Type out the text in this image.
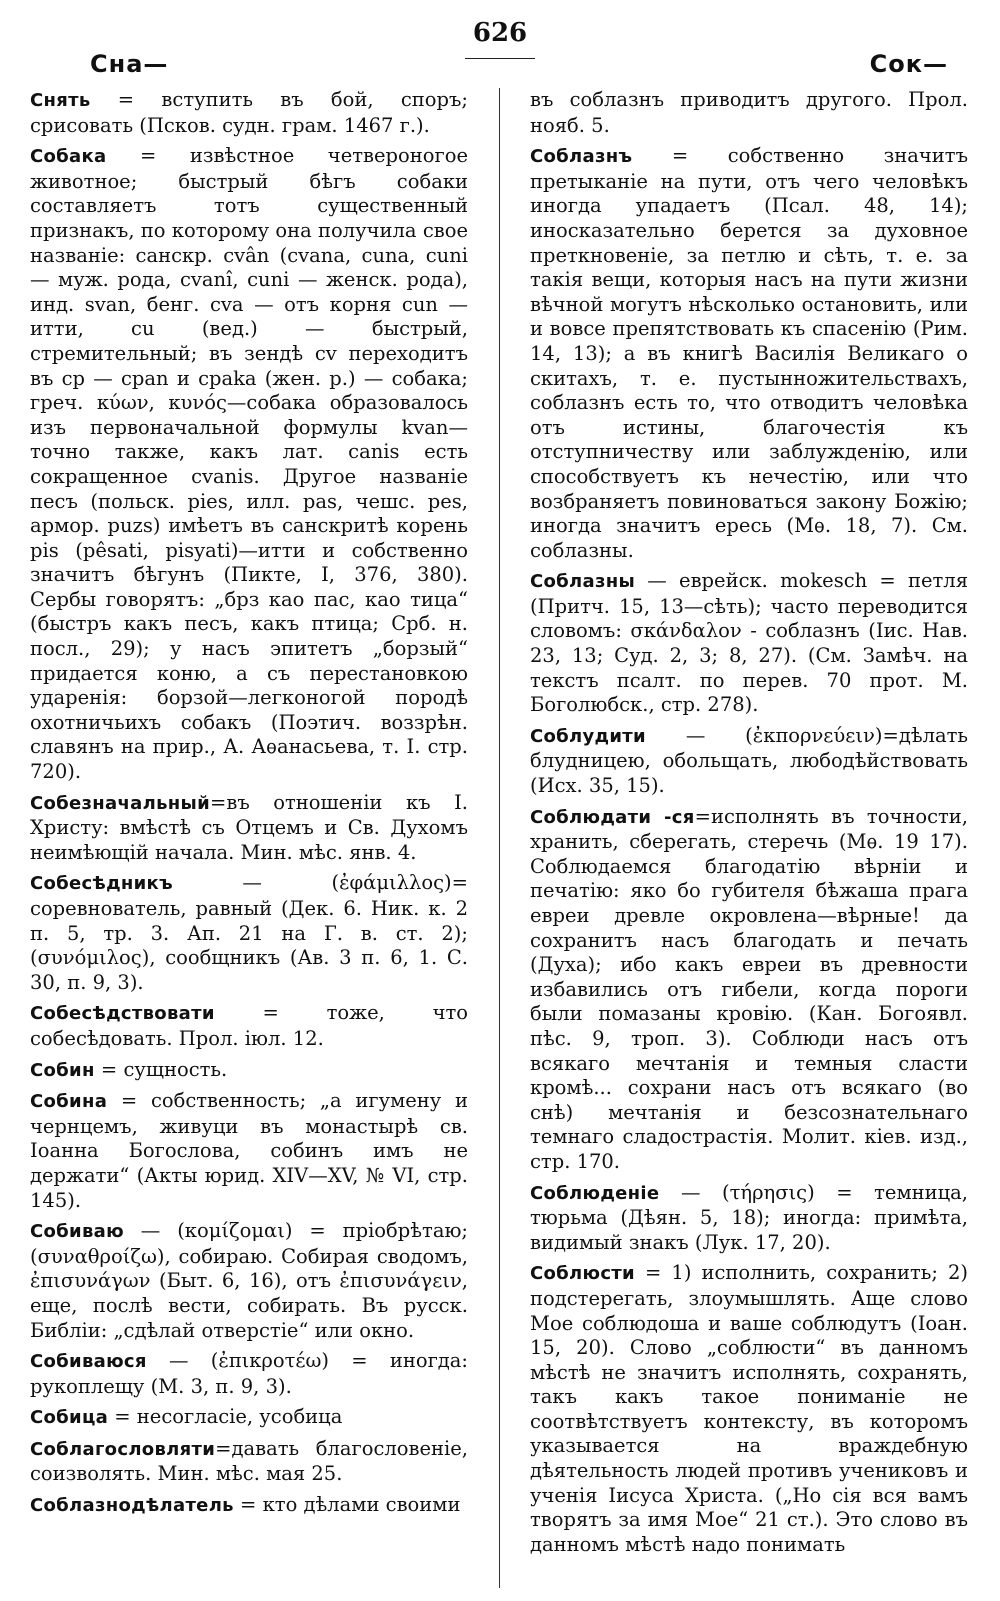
626
Сна—	Сок—

Снять = вступить въ бой, споръ; срисовать (Псков. судн. грам. 1467 г.).

Собака = извѣстное четвероногое животное; быстрый бѣгъ собаки составляетъ тотъ существенный признакъ, по которому она получила свое названіе: санскр. cvân (cvana, cuna, cuni — муж. рода, cvanî, cuni — женск. рода), инд. svan, бенг. cva — отъ корня cun — итти, cu (вед.) — быстрый, стремительный; въ зендѣ cv переходитъ въ cp — cpan и cpaka (жен. р.) — собака; греч. κύων, κυνός—собака образовалось изъ первоначальной формулы kvan—точно также, какъ лат. canis есть сокращенное cvanis. Другое названіе песъ (польск. pies, илл. pas, чешс. pes, армор. puzs) имѣетъ въ санскритѣ корень pis (pêsati, pisyati)—итти и собственно значитъ бѣгунъ (Пикте, I, 376, 380). Сербы говорятъ: „брз као пас, као тица“ (быстръ какъ песъ, какъ птица; Срб. н. посл., 29); у насъ эпитетъ „борзый“ придается коню, а съ перестановкою ударенія: борзой—легконогой породѣ охотничьихъ собакъ (Поэтич. воззрѣн. славянъ на прир., А. Аѳанасьева, т. I. стр. 720).

Собезначальный=въ отношеніи къ I. Христу: вмѣстѣ съ Отцемъ и Св. Духомъ неимѣющій начала. Мин. мѣс. янв. 4.

Собесѣдникъ — (ἐφάμιλλος)= соревнователь, равный (Дек. 6. Ник. к. 2 п. 5, тр. 3. Ап. 21 на Г. в. ст. 2); (συνόμιλος), сообщникъ (Ав. 3 п. 6, 1. С. 30, п. 9, 3).

Собесѣдствовати = тоже, что собесѣдовать. Прол. іюл. 12.

Собин = сущность.

Собина = собственность; „а игумену и чернцемъ, живуци въ монастырѣ св. Іоанна Богослова, собинъ имъ не держати“ (Акты юрид. XIV—XV, № VI, стр. 145).

Собиваю — (κομίζομαι) = пріобрѣтаю; (συναθροίζω), собираю. Собирая сводомъ, ἐπισυνάγων (Быт. 6, 16), отъ ἐπισυνάγειν, еще, послѣ вести, собирать. Въ русск. Библіи: „сдѣлай отверстіе“ или окно.

Собиваюся — (ἐπικροτέω) = иногда: рукоплещу (М. 3, п. 9, 3).

Собица = несогласіе, усобица

Соблагословляти=давать благословеніе, соизволять. Мин. мѣс. мая 25.

Соблазнодѣлатель = кто дѣлами своими

въ соблазнъ приводитъ другого. Прол. нояб. 5.

Соблазнъ = собственно значитъ претыканіе на пути, отъ чего человѣкъ иногда упадаетъ (Псал. 48, 14); иносказательно берется за духовное преткновеніе, за петлю и сѣть, т. е. за такія вещи, которыя насъ на пути жизни вѣчной могутъ нѣсколько остановить, или и вовсе препятствовать къ спасенію (Рим. 14, 13); а въ книгѣ Василія Великаго о скитахъ, т. е. пустынножительствахъ, соблазнъ есть то, что отводитъ человѣка отъ истины, благочестія къ отступничеству или заблужденію, или способствуетъ къ нечестію, или что возбраняетъ повиноваться закону Божію; иногда значитъ ересь (Мѳ. 18, 7). См. соблазны.

Соблазны — еврейск. mokesch = петля (Притч. 15, 13—сѣть); часто переводится словомъ: σκάνδαλον - соблазнъ (Іис. Нав. 23, 13; Суд. 2, 3; 8, 27). (См. Замѣч. на текстъ псалт. по перев. 70 прот. М. Боголюбск., стр. 278).

Соблудити — (ἐκπορνεύειν)=дѣлать блудницею, обольщать, любодѣйствовать (Исх. 35, 15).

Соблюдати -ся=исполнять въ точности, хранить, сберегать, стеречь (Мѳ. 19 17). Соблюдаемся благодатію вѣрніи и печатію: яко бо губителя бѣжаша прага евреи древле окровлена—вѣрные! да сохранитъ насъ благодать и печать (Духа); ибо какъ евреи въ древности избавились отъ гибели, когда пороги были помазаны кровію. (Кан. Богоявл. пѣс. 9, троп. 3). Соблюди насъ отъ всякаго мечтанія и темныя сласти кромѣ... сохрани насъ отъ всякаго (во снѣ) мечтанія и безсознательнаго темнаго сладострастія. Молит. кіев. изд., стр. 170.

Соблюденіе — (τήρησις) = темница, тюрьма (Дѣян. 5, 18); иногда: примѣта, видимый знакъ (Лук. 17, 20).

Соблюсти = 1) исполнить, сохранить; 2) подстерегать, злоумышлять. Аще слово Мое соблюдоша и ваше соблюдутъ (Іоан. 15, 20). Слово „соблюсти“ въ данномъ мѣстѣ не значитъ исполнять, сохранять, такъ какъ такое пониманіе не соотвѣтствуетъ контексту, въ которомъ указывается на враждебную дѣятельность людей противъ учениковъ и ученія Іисуса Христа. („Но сія вся вамъ творятъ за имя Мое“ 21 ст.). Это слово въ данномъ мѣстѣ надо понимать
